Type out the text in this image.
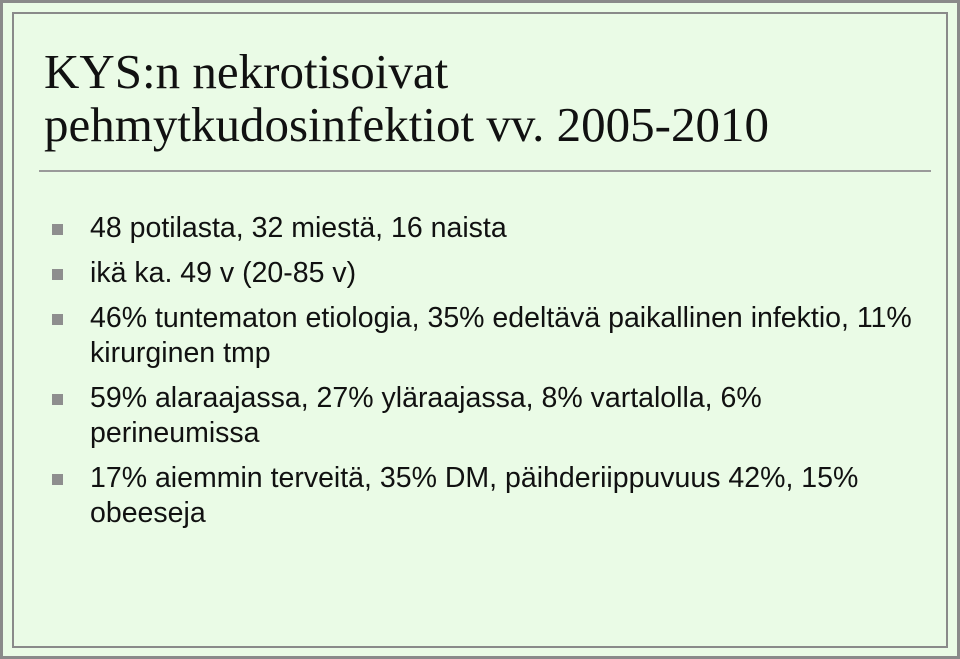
KYS:n nekrotisoivat
pehmytkudosinfektiot vv. 2005-2010
48 potilasta, 32 miestä, 16 naista
ikä ka. 49 v (20-85 v)
46% tuntematon etiologia, 35% edeltävä paikallinen infektio, 11% kirurginen tmp
59% alaraajassa, 27% yläraajassa, 8% vartalolla, 6% perineumissa
17% aiemmin terveitä, 35% DM, päihderiippuvuus 42%, 15% obeeseja
